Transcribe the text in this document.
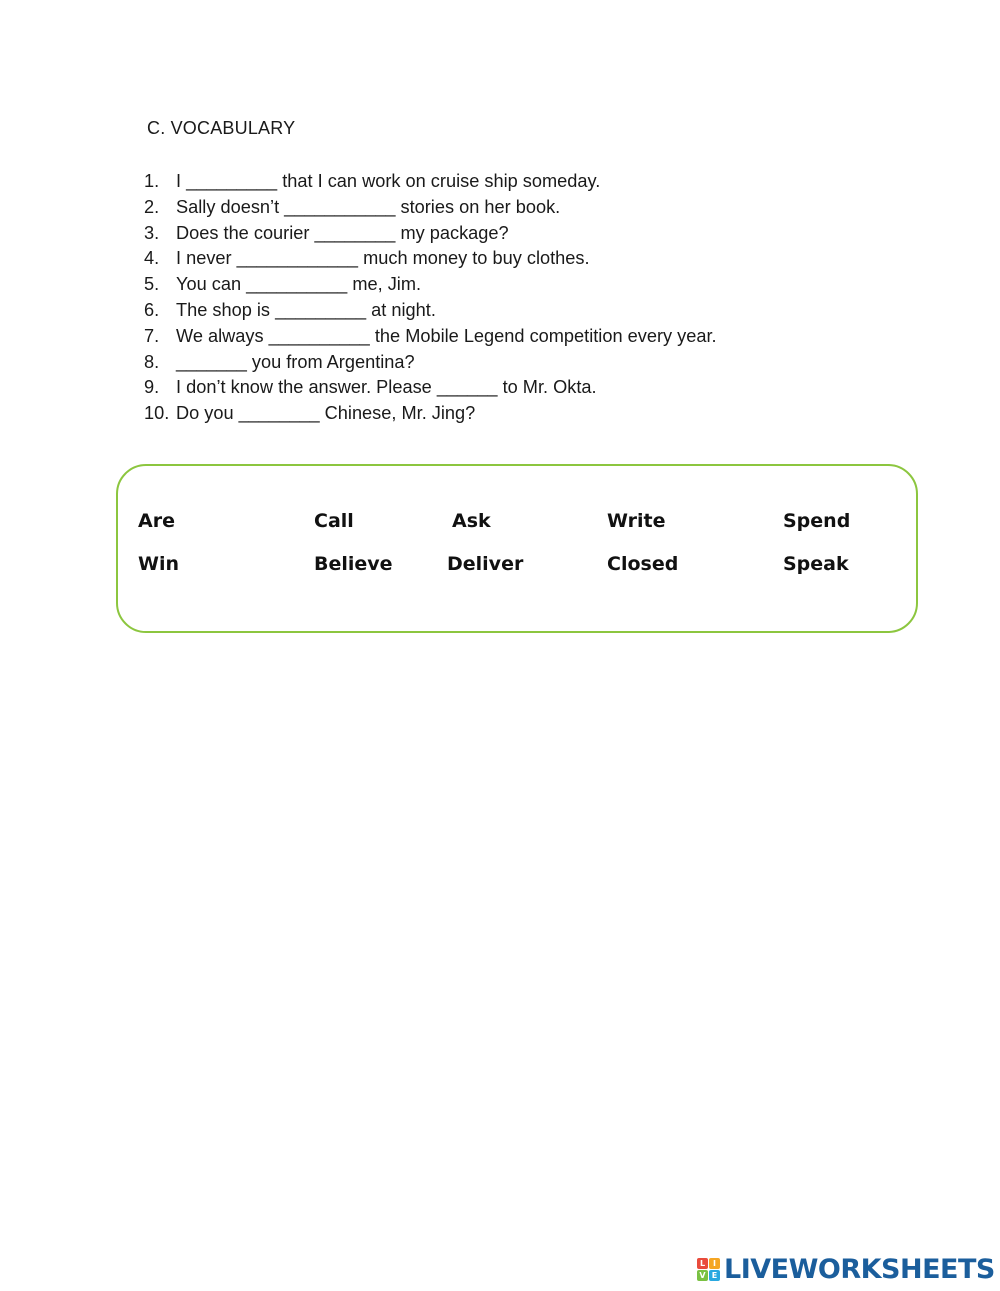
C. VOCABULARY
1. I _________ that I can work on cruise ship someday.
2. Sally doesn’t ___________ stories on her book.
3. Does the courier ________ my package?
4. I never ____________ much money to buy clothes.
5. You can __________ me, Jim.
6. The shop is _________ at night.
7. We always __________ the Mobile Legend competition every year.
8. _______ you from Argentina?
9. I don’t know the answer. Please ______ to Mr. Okta.
10. Do you ________ Chinese, Mr. Jing?
Are	Call	Ask	Write	Spend
Win	Believe	Deliver	Closed	Speak
L I
V E LIVEWORKSHEETS
